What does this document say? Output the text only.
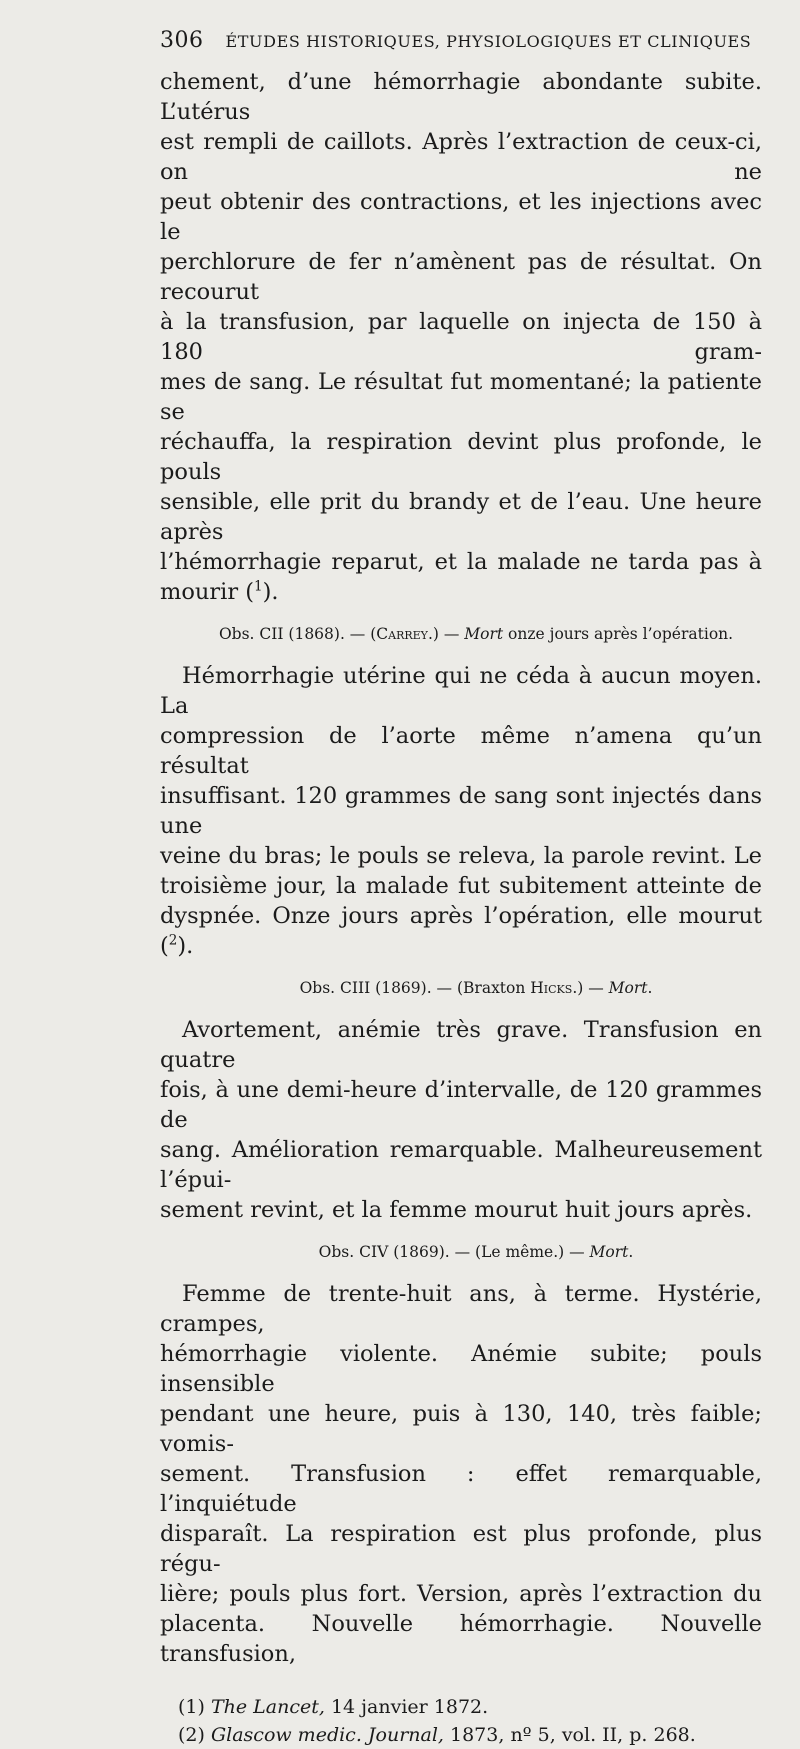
306 ÉTUDES HISTORIQUES, PHYSIOLOGIQUES ET CLINIQUES

chement, d’une hémorrhagie abondante subite. L’utérus

est rempli de caillots. Après l’extraction de ceux-ci, on ne

peut obtenir des contractions, et les injections avec le

perchlorure de fer n’amènent pas de résultat. On recourut

à la transfusion, par laquelle on injecta de 150 à 180 gram-

mes de sang. Le résultat fut momentané; la patiente se

réchauffa, la respiration devint plus profonde, le pouls

sensible, elle prit du brandy et de l’eau. Une heure après

l’hémorrhagie reparut, et la malade ne tarda pas à

mourir ($^1$).

Obs. CII (1868). — (Carrey.) — Mort onze jours après l’opération.

Hémorrhagie utérine qui ne céda à aucun moyen. La

compression de l’aorte même n’amena qu’un résultat

insuffisant. 120 grammes de sang sont injectés dans une

veine du bras; le pouls se releva, la parole revint. Le

troisième jour, la malade fut subitement atteinte de

dyspnée. Onze jours après l’opération, elle mourut ($^2$).

Obs. CIII (1869). — (Braxton Hicks.) — Mort.

Avortement, anémie très grave. Transfusion en quatre

fois, à une demi-heure d’intervalle, de 120 grammes de

sang. Amélioration remarquable. Malheureusement l’épui-

sement revint, et la femme mourut huit jours après.

Obs. CIV (1869). — (Le même.) — Mort.

Femme de trente-huit ans, à terme. Hystérie, crampes,

hémorrhagie violente. Anémie subite; pouls insensible

pendant une heure, puis à 130, 140, très faible; vomis-

sement. Transfusion : effet remarquable, l’inquiétude

disparaît. La respiration est plus profonde, plus régu-

lière; pouls plus fort. Version, après l’extraction du

placenta. Nouvelle hémorrhagie. Nouvelle transfusion,

(1) The Lancet, 14 janvier 1872.
(2) Glascow medic. Journal, 1873, nº 5, vol. II, p. 268.
